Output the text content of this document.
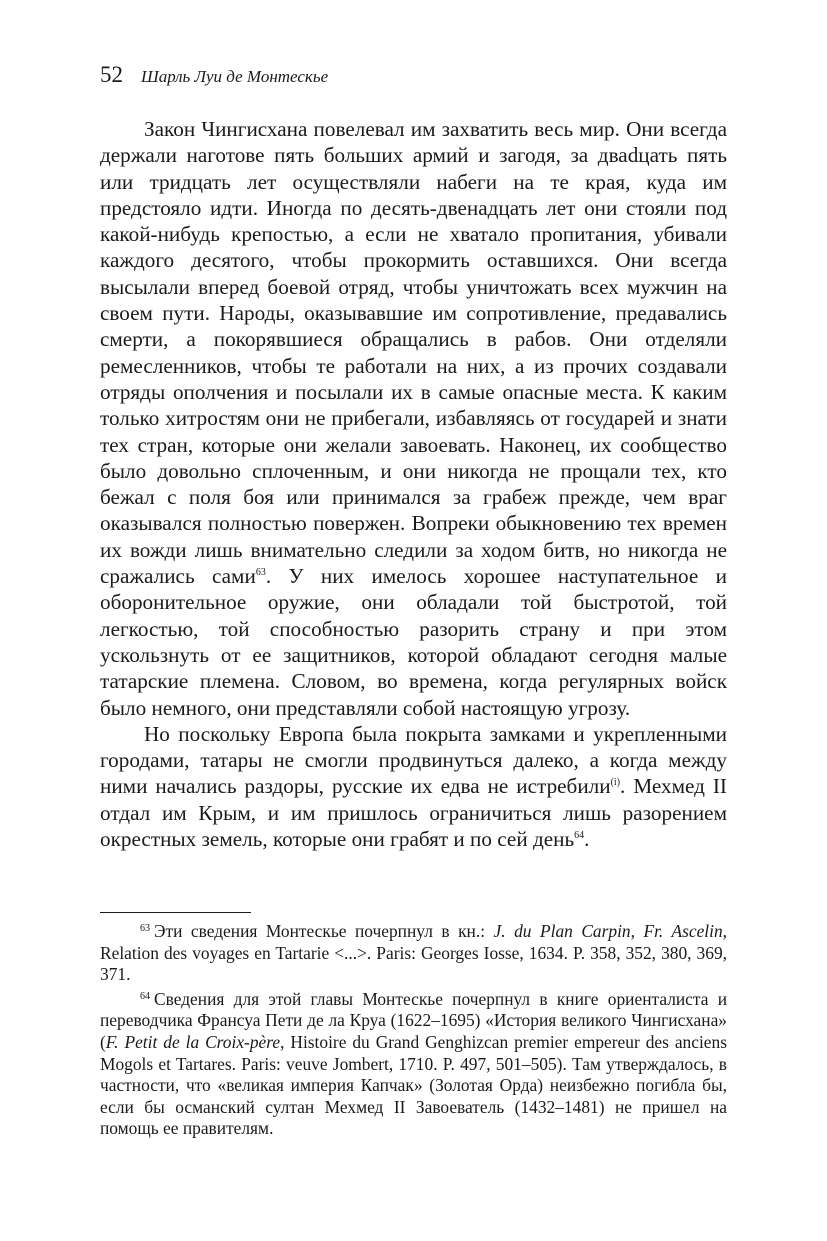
52 Шарль Луи де Монтескье

Закон Чингисхана повелевал им захватить весь мир. Они всегда держали наготове пять больших армий и загодя, за дваdцать пять или тридцать лет осуществляли набеги на те края, куда им предстояло идти. Иногда по десять-двенадцать лет они стояли под какой-нибудь крепостью, а если не хватало пропитания, убивали каждого десятого, чтобы прокормить оставшихся. Они всегда высылали вперед боевой отряд, чтобы уничтожать всех мужчин на своем пути. Народы, оказывавшие им сопротивление, предавались смерти, а покорявшиеся обращались в рабов. Они отделяли ремесленников, чтобы те работали на них, а из прочих создавали отряды ополчения и посылали их в самые опасные места. К каким только хитростям они не прибегали, избавляясь от государей и знати тех стран, которые они желали завоевать. Наконец, их сообщество было довольно сплоченным, и они никогда не прощали тех, кто бежал с поля боя или принимался за грабеж прежде, чем враг оказывался полностью повержен. Вопреки обыкновению тех времен их вожди лишь внимательно следили за ходом битв, но никогда не сражались сами$^{63}$. У них имелось хорошее наступательное и оборонительное оружие, они обладали той быстротой, той легкостью, той способностью разорить страну и при этом ускользнуть от ее защитников, которой обладают сегодня малые татарские племена. Словом, во времена, когда регулярных войск было немного, они представляли собой настоящую угрозу.

Но поскольку Европа была покрыта замками и укрепленными городами, татары не смогли продвинуться далеко, а когда между ними начались раздоры, русские их едва не истребили$^{(i)}$. Мехмед II отдал им Крым, и им пришлось ограничиться лишь разорением окрестных земель, которые они грабят и по сей день$^{64}$.

$^{63}$ Эти сведения Монтескье почерпнул в кн.: J. du Plan Carpin, Fr. Ascelin, Relation des voyages en Tartarie <...>. Paris: Georges Iosse, 1634. P. 358, 352, 380, 369, 371.

$^{64}$ Сведения для этой главы Монтескье почерпнул в книге ориенталиста и переводчика Франсуа Пети де ла Круа (1622–1695) «История великого Чингисхана» (F. Petit de la Croix-père, Histoire du Grand Genghizcan premier empereur des anciens Mogols et Tartares. Paris: veuve Jombert, 1710. P. 497, 501–505). Там утверждалось, в частности, что «великая империя Капчак» (Золотая Орда) неизбежно погибла бы, если бы османский султан Мехмед II Завоеватель (1432–1481) не пришел на помощь ее правителям.
